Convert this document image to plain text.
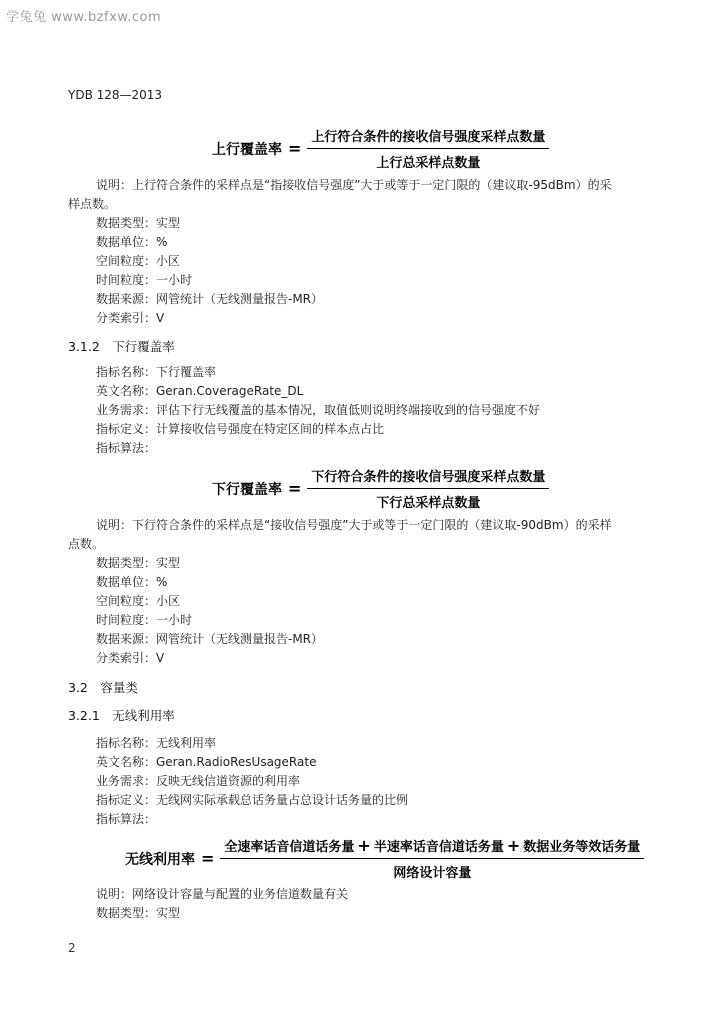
学兔兔 www.bzfxw.com
YDB 128—2013
上行覆盖率 = $\frac{\text{上行符合条件的接收信号强度采样点数量}}{\text{上行总采样点数量}}$
说明：上行符合条件的采样点是“指接收信号强度”大于或等于一定门限的（建议取-95dBm）的采
样点数。
数据类型：实型
数据单位：%
空间粒度：小区
时间粒度：一小时
数据来源：网管统计（无线测量报告-MR）
分类索引：V
3.1.2　下行覆盖率
指标名称：下行覆盖率
英文名称：Geran.CoverageRate_DL
业务需求：评估下行无线覆盖的基本情况，取值低则说明终端接收到的信号强度不好
指标定义：计算接收信号强度在特定区间的样本点占比
指标算法：
下行覆盖率 = $\frac{\text{下行符合条件的接收信号强度采样点数量}}{\text{下行总采样点数量}}$
说明：下行符合条件的采样点是“接收信号强度”大于或等于一定门限的（建议取-90dBm）的采样
点数。
数据类型：实型
数据单位：%
空间粒度：小区
时间粒度：一小时
数据来源：网管统计（无线测量报告-MR）
分类索引：V
3.2　容量类
3.2.1　无线利用率
指标名称：无线利用率
英文名称：Geran.RadioResUsageRate
业务需求：反映无线信道资源的利用率
指标定义：无线网实际承载总话务量占总设计话务量的比例
指标算法：
无线利用率 = $\frac{\text{全速率话音信道话务量 + 半速率话音信道话务量 + 数据业务等效话务量}}{\text{网络设计容量}}$
说明：网络设计容量与配置的业务信道数量有关
数据类型：实型
2
